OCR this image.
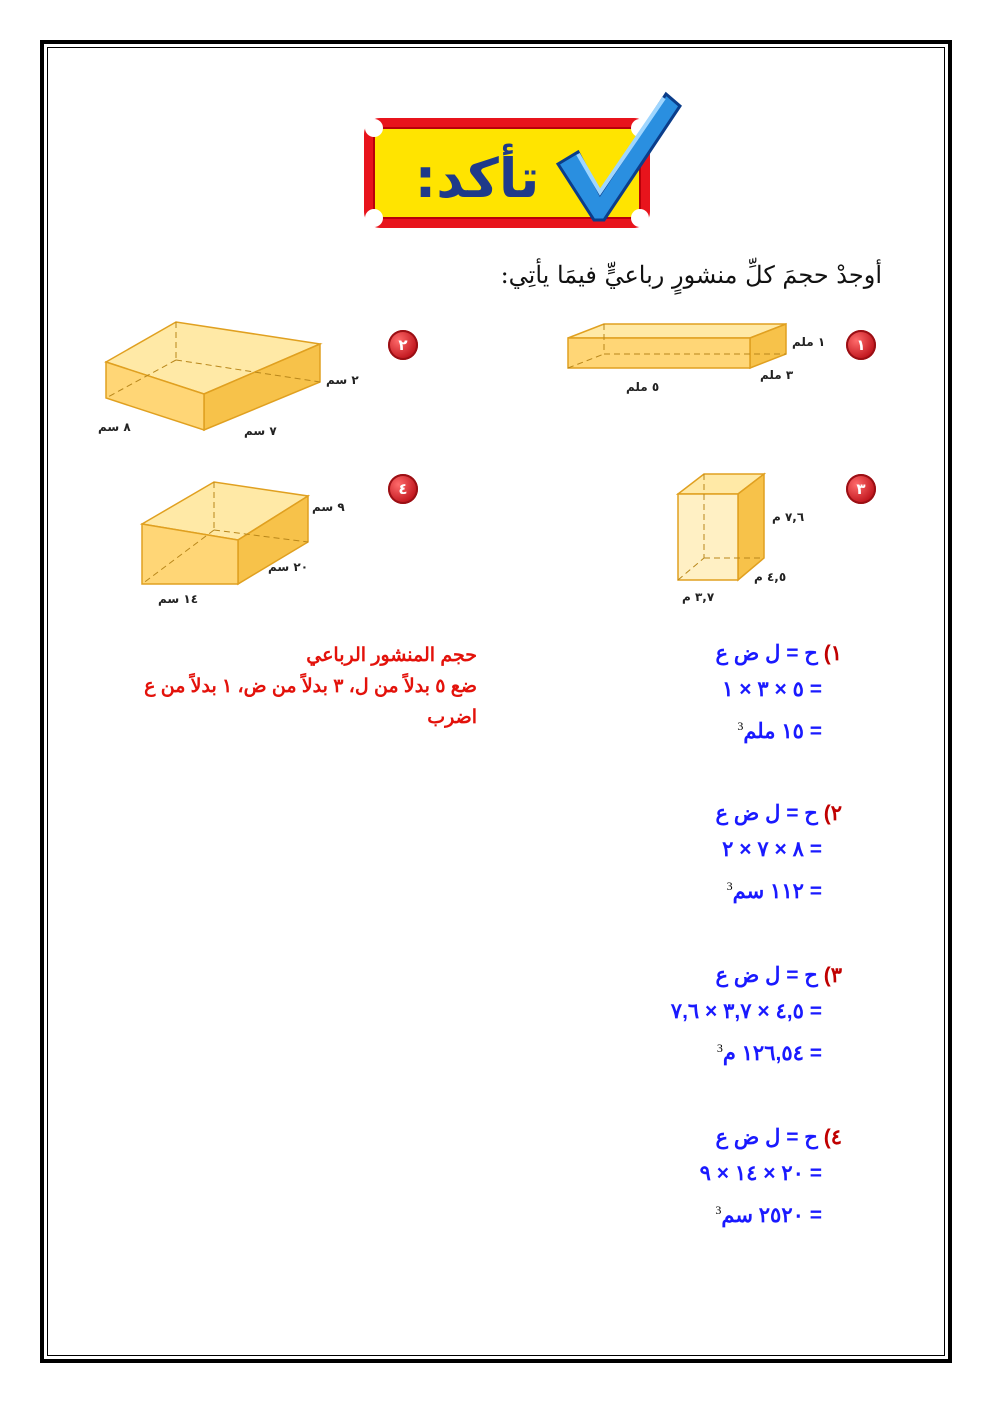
تأكد:
أوجدْ حجمَ كلِّ منشورٍ رباعيٍّ فيمَا يأتِي:
١
١ ملم
٣ ملم
٥ ملم
٢
٢ سم
٧ سم
٨ سم
٣
٧,٦ م
٤,٥ م
٣,٧ م
٤
٩ سم
٢٠ سم
١٤ سم
حجم المنشور الرباعي
ضع ٥ بدلاً من ل، ٣ بدلاً من ض، ١ بدلاً من ع
اضرب
١) ح = ل ض ع
= ٥ × ٣ × ١
= ١٥ ملم$^3$
٢) ح = ل ض ع
= ٨ × ٧ × ٢
= ١١٢ سم$^3$
٣) ح = ل ض ع
= ٤,٥ × ٣,٧ × ٧,٦
= ١٢٦,٥٤ م$^3$
٤) ح = ل ض ع
= ٢٠ × ١٤ × ٩
= ٢٥٢٠ سم$^3$
